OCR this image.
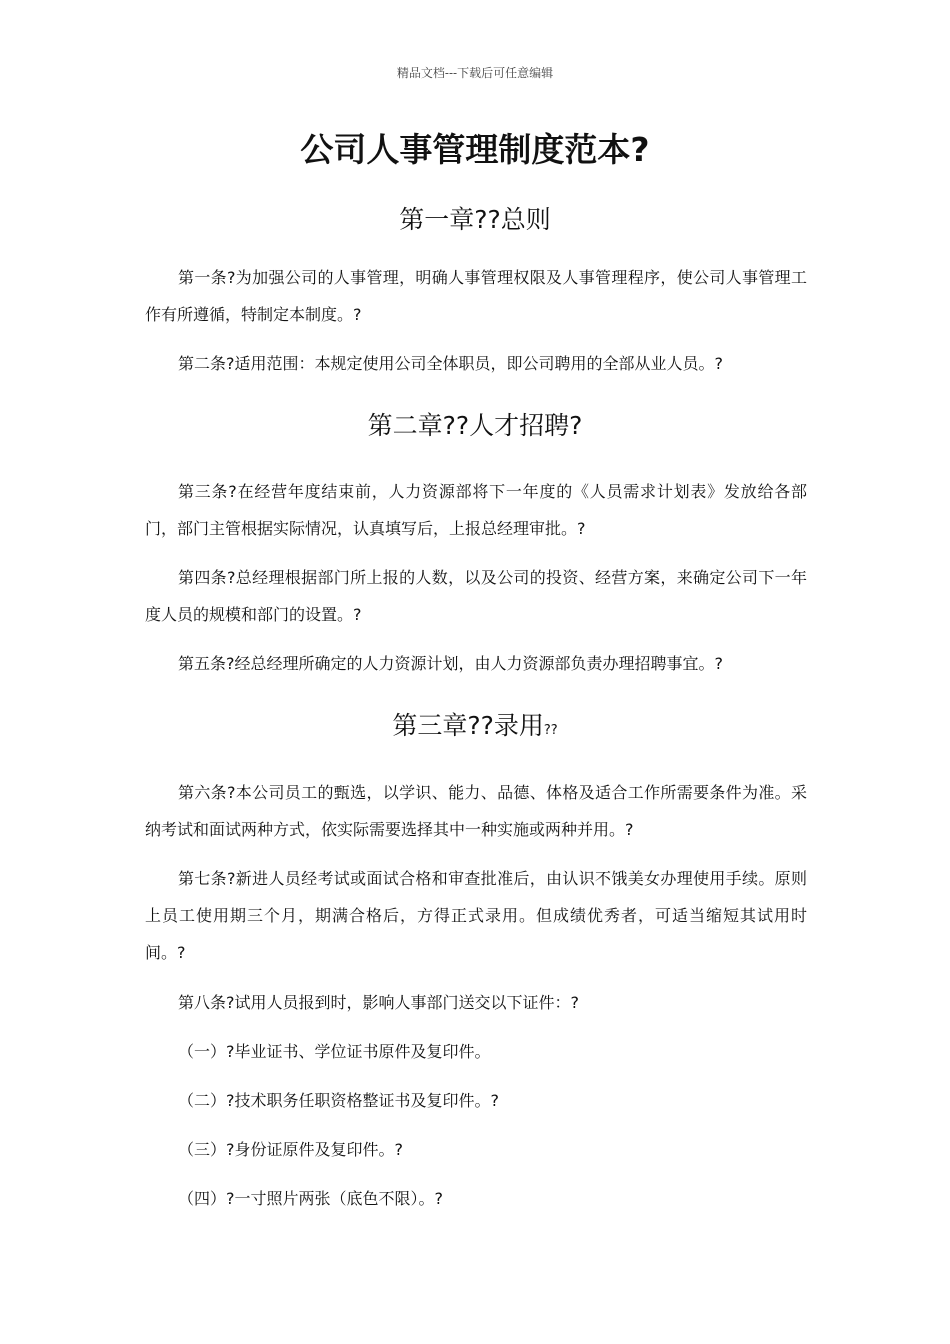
精品文档---下载后可任意编辑
公司人事管理制度范本?
第一章??总则

第一条?为加强公司的人事管理，明确人事管理权限及人事管理程序，使公司人事管理工作有所遵循，特制定本制度。?

第二条?适用范围：本规定使用公司全体职员，即公司聘用的全部从业人员。?

第二章??人才招聘?

第三条?在经营年度结束前，人力资源部将下一年度的《人员需求计划表》发放给各部门，部门主管根据实际情况，认真填写后，上报总经理审批。?

第四条?总经理根据部门所上报的人数，以及公司的投资、经营方案，来确定公司下一年度人员的规模和部门的设置。?

第五条?经总经理所确定的人力资源计划，由人力资源部负责办理招聘事宜。?

第三章??录用??

第六条?本公司员工的甄选，以学识、能力、品德、体格及适合工作所需要条件为准。采纳考试和面试两种方式，依实际需要选择其中一种实施或两种并用。?

第七条?新进人员经考试或面试合格和审查批准后，由认识不饿美女办理使用手续。原则上员工使用期三个月，期满合格后，方得正式录用。但成绩优秀者，可适当缩短其试用时间。?

第八条?试用人员报到时，影响人事部门送交以下证件：?

（一）?毕业证书、学位证书原件及复印件。

（二）?技术职务任职资格整证书及复印件。?

（三）?身份证原件及复印件。?

（四）?一寸照片两张（底色不限）。?
